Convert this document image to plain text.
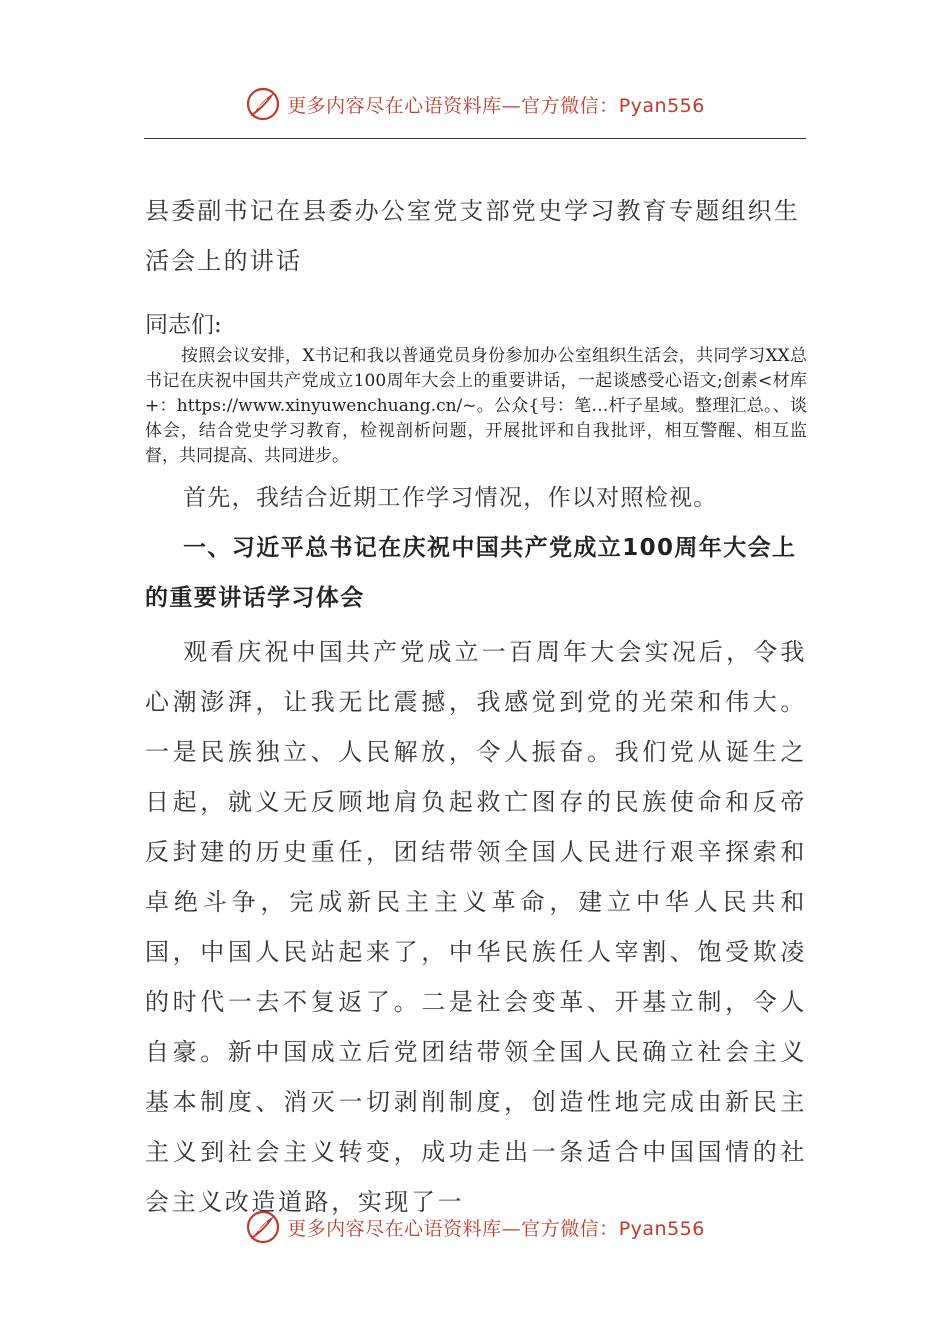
更多内容尽在心语资料库—官方微信：Pyan556
县委副书记在县委办公室党支部党史学习教育专题组织生活会上的讲话
同志们:

按照会议安排，X书记和我以普通党员身份参加办公室组织生活会，共同学习XX总书记在庆祝中国共产党成立100周年大会上的重要讲话，一起谈感受心语文;创素<材库+：https://www.xinyuwenchuang.cn/~。公众{号：笔…杆子星域。整理汇总。、谈体会，结合党史学习教育，检视剖析问题，开展批评和自我批评，相互警醒、相互监督，共同提高、共同进步。

首先，我结合近期工作学习情况，作以对照检视。

一、习近平总书记在庆祝中国共产党成立100周年大会上的重要讲话学习体会

观看庆祝中国共产党成立一百周年大会实况后，令我心潮澎湃，让我无比震撼，我感觉到党的光荣和伟大。一是民族独立、人民解放，令人振奋。我们党从诞生之日起，就义无反顾地肩负起救亡图存的民族使命和反帝反封建的历史重任，团结带领全国人民进行艰辛探索和卓绝斗争，完成新民主主义革命，建立中华人民共和国，中国人民站起来了，中华民族任人宰割、饱受欺凌的时代一去不复返了。二是社会变革、开基立制，令人自豪。新中国成立后党团结带领全国人民确立社会主义基本制度、消灭一切剥削制度，创造性地完成由新民主主义到社会主义转变，成功走出一条适合中国国情的社会主义改造道路，实现了一

更多内容尽在心语资料库—官方微信：Pyan556
